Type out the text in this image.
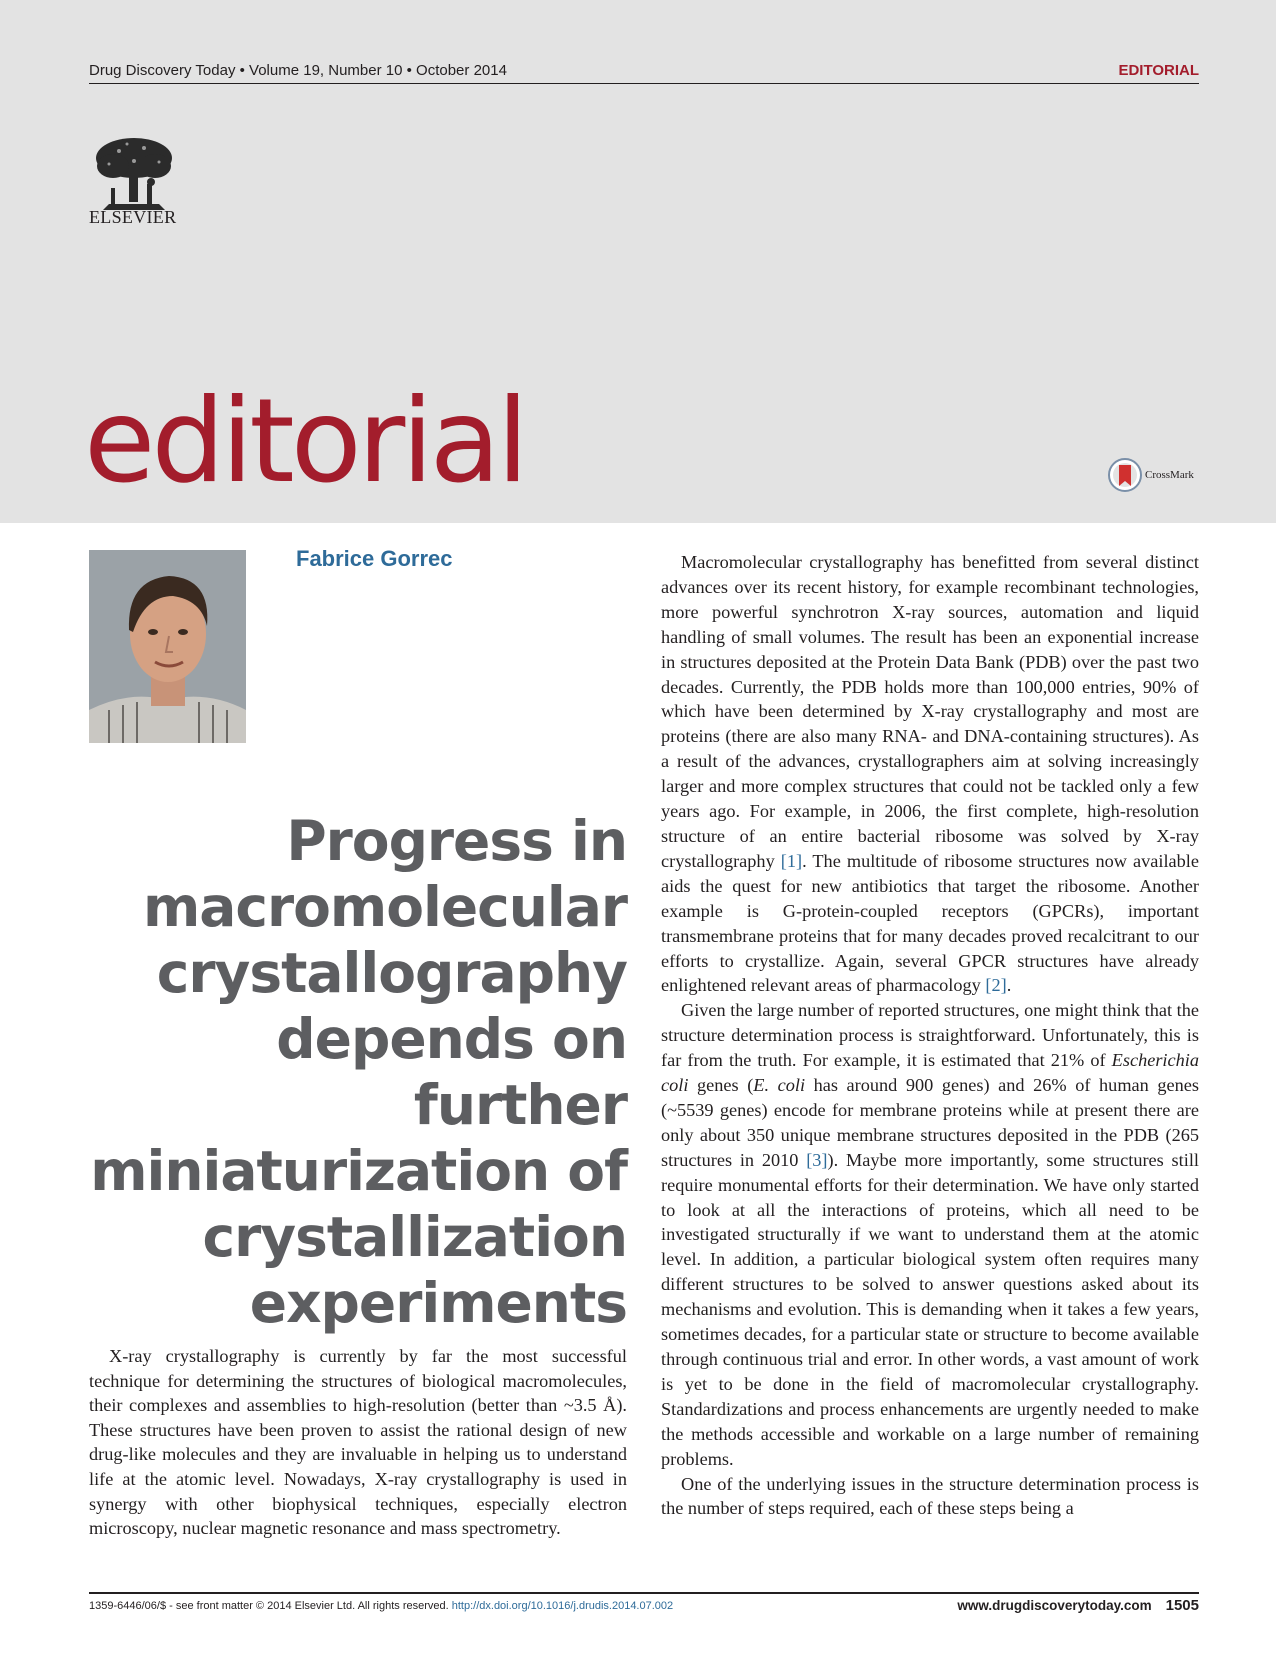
Drug Discovery Today • Volume 19, Number 10 • October 2014	EDITORIAL
ELSEVIER
editorial	CrossMark
Fabrice Gorrec
Progress in
macromolecular
crystallography
depends on further
miniaturization of
crystallization
experiments

X-ray crystallography is currently by far the most successful technique for determining the structures of biological macromolecules, their complexes and assemblies to high-resolution (better than ~3.5 Å). These structures have been proven to assist the rational design of new drug-like molecules and they are invaluable in helping us to understand life at the atomic level. Nowadays, X-ray crystallography is used in synergy with other biophysical techniques, especially electron microscopy, nuclear magnetic resonance and mass spectrometry.

Macromolecular crystallography has benefitted from several distinct advances over its recent history, for example recombinant technologies, more powerful synchrotron X-ray sources, automation and liquid handling of small volumes. The result has been an exponential increase in structures deposited at the Protein Data Bank (PDB) over the past two decades. Currently, the PDB holds more than 100,000 entries, 90% of which have been determined by X-ray crystallography and most are proteins (there are also many RNA- and DNA-containing structures). As a result of the advances, crystallographers aim at solving increasingly larger and more complex structures that could not be tackled only a few years ago. For example, in 2006, the first complete, high-resolution structure of an entire bacterial ribosome was solved by X-ray crystallography [1]. The multitude of ribosome structures now available aids the quest for new antibiotics that target the ribosome. Another example is G-protein-coupled receptors (GPCRs), important transmembrane proteins that for many decades proved recalcitrant to our efforts to crystallize. Again, several GPCR structures have already enlightened relevant areas of pharmacology [2].

Given the large number of reported structures, one might think that the structure determination process is straightforward. Unfortunately, this is far from the truth. For example, it is estimated that 21% of Escherichia coli genes (E. coli has around 900 genes) and 26% of human genes (~5539 genes) encode for membrane proteins while at present there are only about 350 unique membrane structures deposited in the PDB (265 structures in 2010 [3]). Maybe more importantly, some structures still require monumental efforts for their determination. We have only started to look at all the interactions of proteins, which all need to be investigated structurally if we want to understand them at the atomic level. In addition, a particular biological system often requires many different structures to be solved to answer questions asked about its mechanisms and evolution. This is demanding when it takes a few years, sometimes decades, for a particular state or structure to become available through continuous trial and error. In other words, a vast amount of work is yet to be done in the field of macromolecular crystallography. Standardizations and process enhancements are urgently needed to make the methods accessible and workable on a large number of remaining problems.

One of the underlying issues in the structure determination process is the number of steps required, each of these steps being a

1359-6446/06/$ - see front matter © 2014 Elsevier Ltd. All rights reserved. http://dx.doi.org/10.1016/j.drudis.2014.07.002	www.drugdiscoverytoday.com 1505
